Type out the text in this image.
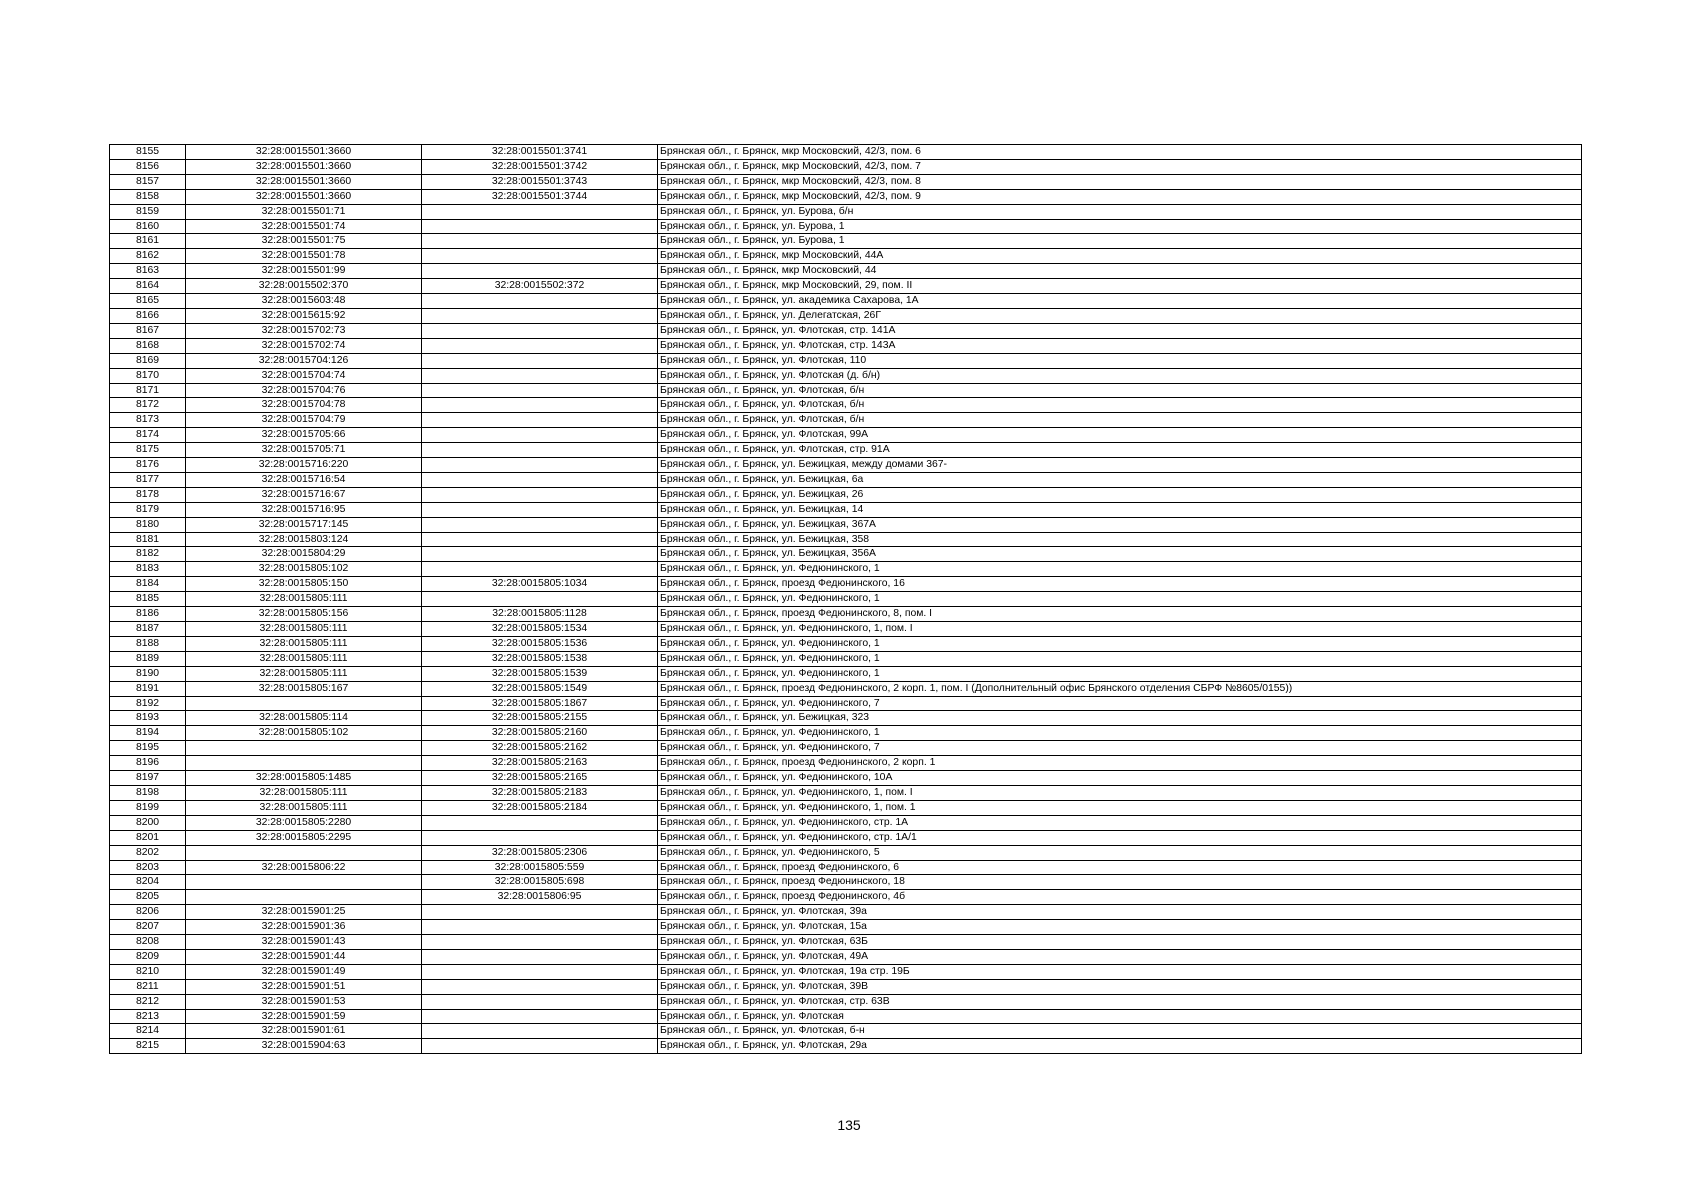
8155	32:28:0015501:3660	32:28:0015501:3741	Брянская обл., г. Брянск, мкр Московский, 42/3, пом. 6
8156	32:28:0015501:3660	32:28:0015501:3742	Брянская обл., г. Брянск, мкр Московский, 42/3, пом. 7
8157	32:28:0015501:3660	32:28:0015501:3743	Брянская обл., г. Брянск, мкр Московский, 42/3, пом. 8
8158	32:28:0015501:3660	32:28:0015501:3744	Брянская обл., г. Брянск, мкр Московский, 42/3, пом. 9
8159	32:28:0015501:71		Брянская обл., г. Брянск, ул. Бурова, б/н
8160	32:28:0015501:74		Брянская обл., г. Брянск, ул. Бурова, 1
8161	32:28:0015501:75		Брянская обл., г. Брянск, ул. Бурова, 1
8162	32:28:0015501:78		Брянская обл., г. Брянск, мкр Московский, 44А
8163	32:28:0015501:99		Брянская обл., г. Брянск, мкр Московский, 44
8164	32:28:0015502:370	32:28:0015502:372	Брянская обл., г. Брянск, мкр Московский, 29, пом. II
8165	32:28:0015603:48		Брянская обл., г. Брянск, ул. академика Сахарова, 1А
8166	32:28:0015615:92		Брянская обл., г. Брянск, ул. Делегатская, 26Г
8167	32:28:0015702:73		Брянская обл., г. Брянск, ул. Флотская, стр. 141А
8168	32:28:0015702:74		Брянская обл., г. Брянск, ул. Флотская, стр. 143А
8169	32:28:0015704:126		Брянская обл., г. Брянск, ул. Флотская, 110
8170	32:28:0015704:74		Брянская обл., г. Брянск, ул. Флотская (д. б/н)
8171	32:28:0015704:76		Брянская обл., г. Брянск, ул. Флотская, б/н
8172	32:28:0015704:78		Брянская обл., г. Брянск, ул. Флотская, б/н
8173	32:28:0015704:79		Брянская обл., г. Брянск, ул. Флотская, б/н
8174	32:28:0015705:66		Брянская обл., г. Брянск, ул. Флотская, 99А
8175	32:28:0015705:71		Брянская обл., г. Брянск, ул. Флотская, стр. 91А
8176	32:28:0015716:220		Брянская обл., г. Брянск, ул. Бежицкая, между домами 367-
8177	32:28:0015716:54		Брянская обл., г. Брянск, ул. Бежицкая, 6а
8178	32:28:0015716:67		Брянская обл., г. Брянск, ул. Бежицкая, 26
8179	32:28:0015716:95		Брянская обл., г. Брянск, ул. Бежицкая, 14
8180	32:28:0015717:145		Брянская обл., г. Брянск, ул. Бежицкая, 367А
8181	32:28:0015803:124		Брянская обл., г. Брянск, ул. Бежицкая, 358
8182	32:28:0015804:29		Брянская обл., г. Брянск, ул. Бежицкая, 356А
8183	32:28:0015805:102		Брянская обл., г. Брянск, ул. Федюнинского, 1
8184	32:28:0015805:150	32:28:0015805:1034	Брянская обл., г. Брянск, проезд Федюнинского, 16
8185	32:28:0015805:111		Брянская обл., г. Брянск, ул. Федюнинского, 1
8186	32:28:0015805:156	32:28:0015805:1128	Брянская обл., г. Брянск, проезд Федюнинского, 8, пом. I
8187	32:28:0015805:111	32:28:0015805:1534	Брянская обл., г. Брянск, ул. Федюнинского, 1, пом. I
8188	32:28:0015805:111	32:28:0015805:1536	Брянская обл., г. Брянск, ул. Федюнинского, 1
8189	32:28:0015805:111	32:28:0015805:1538	Брянская обл., г. Брянск, ул. Федюнинского, 1
8190	32:28:0015805:111	32:28:0015805:1539	Брянская обл., г. Брянск, ул. Федюнинского, 1
8191	32:28:0015805:167	32:28:0015805:1549	Брянская обл., г. Брянск, проезд Федюнинского, 2 корп. 1, пом. I (Дополнительный офис Брянского отделения СБРФ №8605/0155))
8192		32:28:0015805:1867	Брянская обл., г. Брянск, ул. Федюнинского, 7
8193	32:28:0015805:114	32:28:0015805:2155	Брянская обл., г. Брянск, ул. Бежицкая, 323
8194	32:28:0015805:102	32:28:0015805:2160	Брянская обл., г. Брянск, ул. Федюнинского, 1
8195		32:28:0015805:2162	Брянская обл., г. Брянск, ул. Федюнинского, 7
8196		32:28:0015805:2163	Брянская обл., г. Брянск, проезд Федюнинского, 2 корп. 1
8197	32:28:0015805:1485	32:28:0015805:2165	Брянская обл., г. Брянск, ул. Федюнинского, 10А
8198	32:28:0015805:111	32:28:0015805:2183	Брянская обл., г. Брянск, ул. Федюнинского, 1, пом. I
8199	32:28:0015805:111	32:28:0015805:2184	Брянская обл., г. Брянск, ул. Федюнинского, 1, пом. 1
8200	32:28:0015805:2280		Брянская обл., г. Брянск, ул. Федюнинского, стр. 1А
8201	32:28:0015805:2295		Брянская обл., г. Брянск, ул. Федюнинского, стр. 1А/1
8202		32:28:0015805:2306	Брянская обл., г. Брянск, ул. Федюнинского, 5
8203	32:28:0015806:22	32:28:0015805:559	Брянская обл., г. Брянск, проезд Федюнинского, 6
8204		32:28:0015805:698	Брянская обл., г. Брянск, проезд Федюнинского, 18
8205		32:28:0015806:95	Брянская обл., г. Брянск, проезд Федюнинского, 4б
8206	32:28:0015901:25		Брянская обл., г. Брянск, ул. Флотская, 39а
8207	32:28:0015901:36		Брянская обл., г. Брянск, ул. Флотская, 15а
8208	32:28:0015901:43		Брянская обл., г. Брянск, ул. Флотская, 63Б
8209	32:28:0015901:44		Брянская обл., г. Брянск, ул. Флотская, 49А
8210	32:28:0015901:49		Брянская обл., г. Брянск, ул. Флотская, 19а стр. 19Б
8211	32:28:0015901:51		Брянская обл., г. Брянск, ул. Флотская, 39В
8212	32:28:0015901:53		Брянская обл., г. Брянск, ул. Флотская, стр. 63В
8213	32:28:0015901:59		Брянская обл., г. Брянск, ул. Флотская
8214	32:28:0015901:61		Брянская обл., г. Брянск, ул. Флотская, б-н
8215	32:28:0015904:63		Брянская обл., г. Брянск, ул. Флотская, 29а
135
